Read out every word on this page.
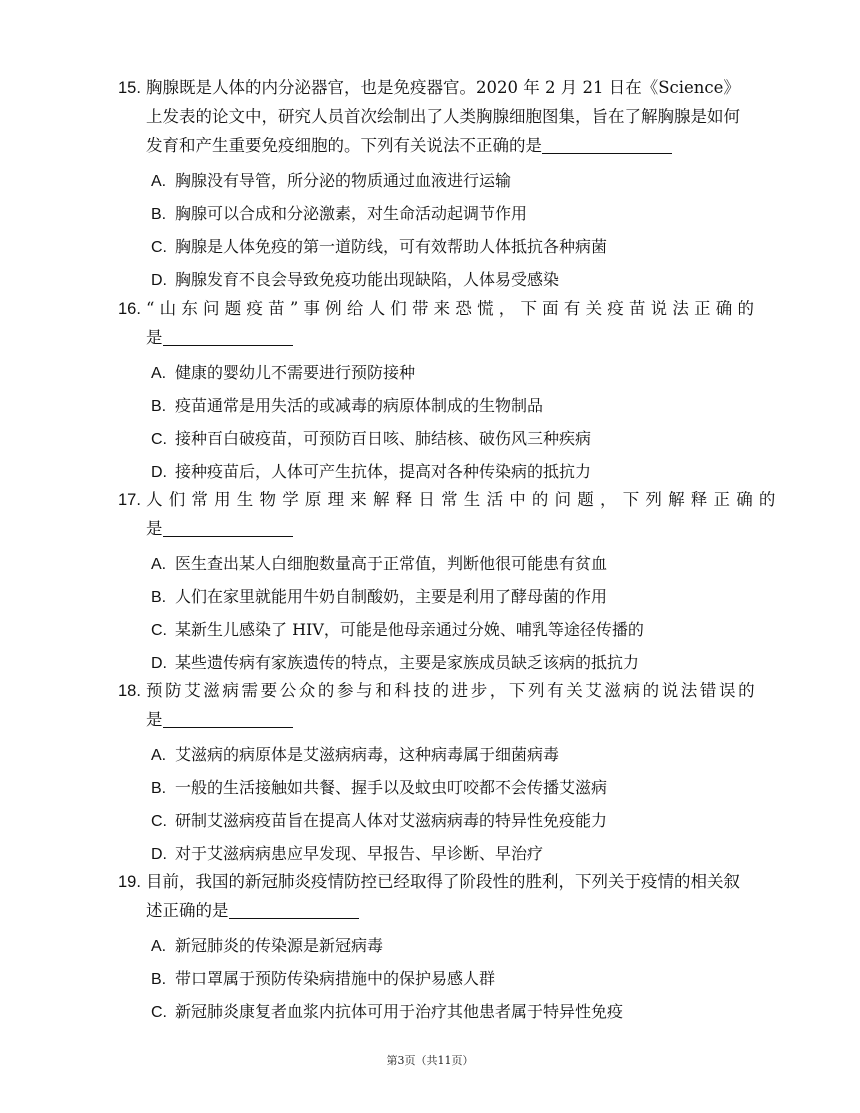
15. 胸腺既是人体的内分泌器官，也是免疫器官。2020 年 2 月 21 日在《Science》
上发表的论文中，研究人员首次绘制出了人类胸腺细胞图集，旨在了解胸腺是如何
发育和产生重要免疫细胞的。下列有关说法不正确的是
A. 胸腺没有导管，所分泌的物质通过血液进行运输
B. 胸腺可以合成和分泌激素，对生命活动起调节作用
C. 胸腺是人体免疫的第一道防线，可有效帮助人体抵抗各种病菌
D. 胸腺发育不良会导致免疫功能出现缺陷，人体易受感染
16. “山东问题疫苗”事例给人们带来恐慌，下面有关疫苗说法正确的
是
A. 健康的婴幼儿不需要进行预防接种
B. 疫苗通常是用失活的或减毒的病原体制成的生物制品
C. 接种百白破疫苗，可预防百日咳、肺结核、破伤风三种疾病
D. 接种疫苗后，人体可产生抗体，提高对各种传染病的抵抗力
17. 人们常用生物学原理来解释日常生活中的问题，下列解释正确的
是
A. 医生查出某人白细胞数量高于正常值，判断他很可能患有贫血
B. 人们在家里就能用牛奶自制酸奶，主要是利用了酵母菌的作用
C. 某新生儿感染了 HIV，可能是他母亲通过分娩、哺乳等途径传播的
D. 某些遗传病有家族遗传的特点，主要是家族成员缺乏该病的抵抗力
18. 预防艾滋病需要公众的参与和科技的进步，下列有关艾滋病的说法错误的
是
A. 艾滋病的病原体是艾滋病病毒，这种病毒属于细菌病毒
B. 一般的生活接触如共餐、握手以及蚊虫叮咬都不会传播艾滋病
C. 研制艾滋病疫苗旨在提高人体对艾滋病病毒的特异性免疫能力
D. 对于艾滋病病患应早发现、早报告、早诊断、早治疗
19. 目前，我国的新冠肺炎疫情防控已经取得了阶段性的胜利，下列关于疫情的相关叙
述正确的是
A. 新冠肺炎的传染源是新冠病毒
B. 带口罩属于预防传染病措施中的保护易感人群
C. 新冠肺炎康复者血浆内抗体可用于治疗其他患者属于特异性免疫
第3页（共11页）
